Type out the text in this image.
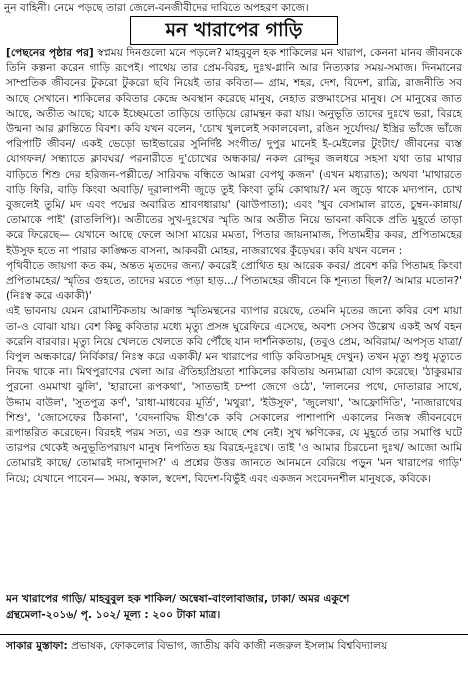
নুন বাহিনী। নেমে পড়ছে তারা জেলে-বনজীবীদের দাবিতে অপহরণ কাজে।
মন খারাপের গাড়ি

[পেছনের পৃষ্ঠার পর] স্বপ্নময় দিনগুলো মনে পড়লে? মাহবুবুল হক শাকিলের মন খারাপ, কেননা মানব জীবনকে তিনি কল্পনা করেন গাড়ি রূপেই। পাথেয় তার প্রেম-বিরহ, দুঃখ-গ্লানি আর নিত্যকার সময়-সমাজ। দিনমানের সাম্প্রতিক জীবনের টুকরো টুকরো ছবি নিয়েই তার কবিতা— গ্রাম, শহর, দেশ, বিদেশ, রাত্রি, রাজনীতি সব আছে সেখানে। শাকিলের কবিতার কেন্দ্রে অবস্থান করেছে মানুষ, নেহাত রক্তমাংসের মানুষ। সে মানুষের জাত আছে, অতীত আছে; যাকে ইচ্ছেমতো তাড়িয়ে তাড়িয়ে রোমন্থন করা যায়। অনুভূতি তাদের দুঃখে ভরা, বিরহে উন্মনা আর ক্লান্তিতে বিবশ। কবি যখন বলেন, 'চোখ খুললেই সকালবেলা, রঙিন সূর্যোদয়/ ইস্ত্রির ভাঁজে ভাঁজে পরিপাটি জীবন/ একই ভেড়ো ভাইভারের সুনির্দিষ্ট সংগীত/ দুপুর মানেই ই-মেইলের টুংটাং/ জীবনের ব্যস্ত যোগফল/ সন্ধ্যাতে ক্লাবঘর/ পরনারীতে দু'চোখের অন্ধকার/ নকল রোদ্দুর জলধরে সহসা যথা তার মাথার বাড়িতে শিশু দের হরিজন-পল্লীতে/ সারিবদ্ধ বন্ধিতে আমরা বেপথু কজন' (এখন মধ্যরাত); অথবা 'মাথারতে বাড়ি ফিরি, বাড়ি কিংবা অবাড়ি/ দূরালাপনী জুড়ে তুই কিংবা তুমি কোথায়?/ মন জুড়ে থাকে মদ্যপান, চোখ বুজলেই তুমি/ মদ এবং পদ্মের অবারিত শ্রাবণধারায়' (ঝাউপাতা); এবং 'খুব বেসামাল রাতে, চুম্বন-কান্নায়/ তোমাকে পাই' (রাতলিপি)। অতীতের সুখ-দুঃখের স্মৃতি আর অতীত নিয়ে ভাবনা কবিকে প্রতি মুহূর্তে তাড়া করে ফিরেছে— যেখানে আছে ফেলে আসা মায়ের মমতা, পিতার জায়নামাজ, পিতামহীর কবর, প্রপিতামহের ইউসুফ হতে না পারার কাঙ্ক্ষিত বাসনা, আকবরী মোহর, নাজরাথের কুঁড়েঘর। কবি যখন বলেন :

পৃথিবীতে জায়গা কত কম, অন্তত মৃতদের জন্য/ কবরেই প্রোথিত হয় আরেক কবর/ প্রবেশ করি পিতামহ কিংবা প্রপিতামহের/ স্মৃতির গুহতে, তাদের মরতে পড়া হাড়.../ পিতামহের জীবনে কি শূন্যতা ছিল?/ আমার মতোন?' (নিঃস্ব করে একাকী)'

এই ভাবনায় যেমন রোমান্টিকতায় আক্রান্ত স্মৃতিমন্থনের ব্যাপার রয়েছে, তেমনি মৃতের জন্যে কবির বেশ মায়া তা-ও বোঝা যায়। বেশ কিছু কবিতার মধ্যে মৃত্যু প্রসঙ্গ ঘুরেফিরে এসেছে, অবশ্য সেসব উল্লেখ একই অর্থ বহন করেনি বারবার। মৃত্যু নিয়ে খেলতে খেলতে কবি পৌঁছে যান দার্শনিকতায়, (তবুও প্রেম, অবিরাম/ অপসৃত যাত্রা/ বিপুল অন্ধকারে/ নির্বিকার/ নিঃস্ব করে একাকী/ মন খারাপের গাড়ি কবিতাসমূহ দেখুন) তখন মৃত্যু শুধু মৃত্যুতে নিবদ্ধ থাকে না। মিথপুরাণের খেলা আর ঐতিহ্যপ্রিয়তা শাকিলের কবিতায় অন্যমাত্রা যোগ করেছে। 'ঠাকুরমার পুরনো ওমমাখা ঝুলি', 'হারানো রূপকথা', 'সাতভাই চম্পা জেগে ওঠে', 'লালনের পথে, দোতারার সাথে, উদ্দাম বাউল', 'সুতপুত্র কর্ণ', 'রাধা-মাধবের মূর্তি', 'মথুরা', 'ইউসুফ', 'জুলেখা', 'আফ্রোদিতি', 'নাজারাথের শিশু', 'জোসেফের ঠিকানা', 'বেদনাবিদ্ধ যীশু'কে কবি সেকালের পাশাপাশি একালের নিজস্ব জীবনবেদে রূপান্তরিত করেছেন। বিরহই পরম সত্য, এর শুরু আছে শেষ নেই। সুখ ক্ষণিকের, যে মুহূর্তে তার সমাপ্তি ঘটে তারপর থেকেই অনুভূতিপরায়ণ মানুষ নিপতিত হয় বিরহে-দুঃখে। তাই 'ও আমার চিরচেনা দুঃখ/ আজো আমি তোমারই কাছে/ তোমারই দাসানুদাস?' এ প্রশ্নের উত্তর জানতে আনমনে বেরিয়ে পড়ুন 'মন খারাপের গাড়ি' নিয়ে; যেখানে পাবেন— সময়, স্বকাল, স্বদেশ, বিদেশ-বিভুঁই এবং একজন সংবেদনশীল মানুষকে, কবিকে।

মন খারাপের গাড়ি/ মাহবুবুল হক শাকিল/ অন্বেষা-বাংলাবাজার, ঢাকা/ অমর একুশে
গ্রন্থমেলা-২০১৬/ পৃ. ১০২/ মূল্য : ২০০ টাকা মাত্র।
সাকার মুস্তাফা: প্রভাষক, ফোকলোর বিভাগ, জাতীয় কবি কাজী নজরুল ইসলাম বিশ্ববিদ্যালয়
